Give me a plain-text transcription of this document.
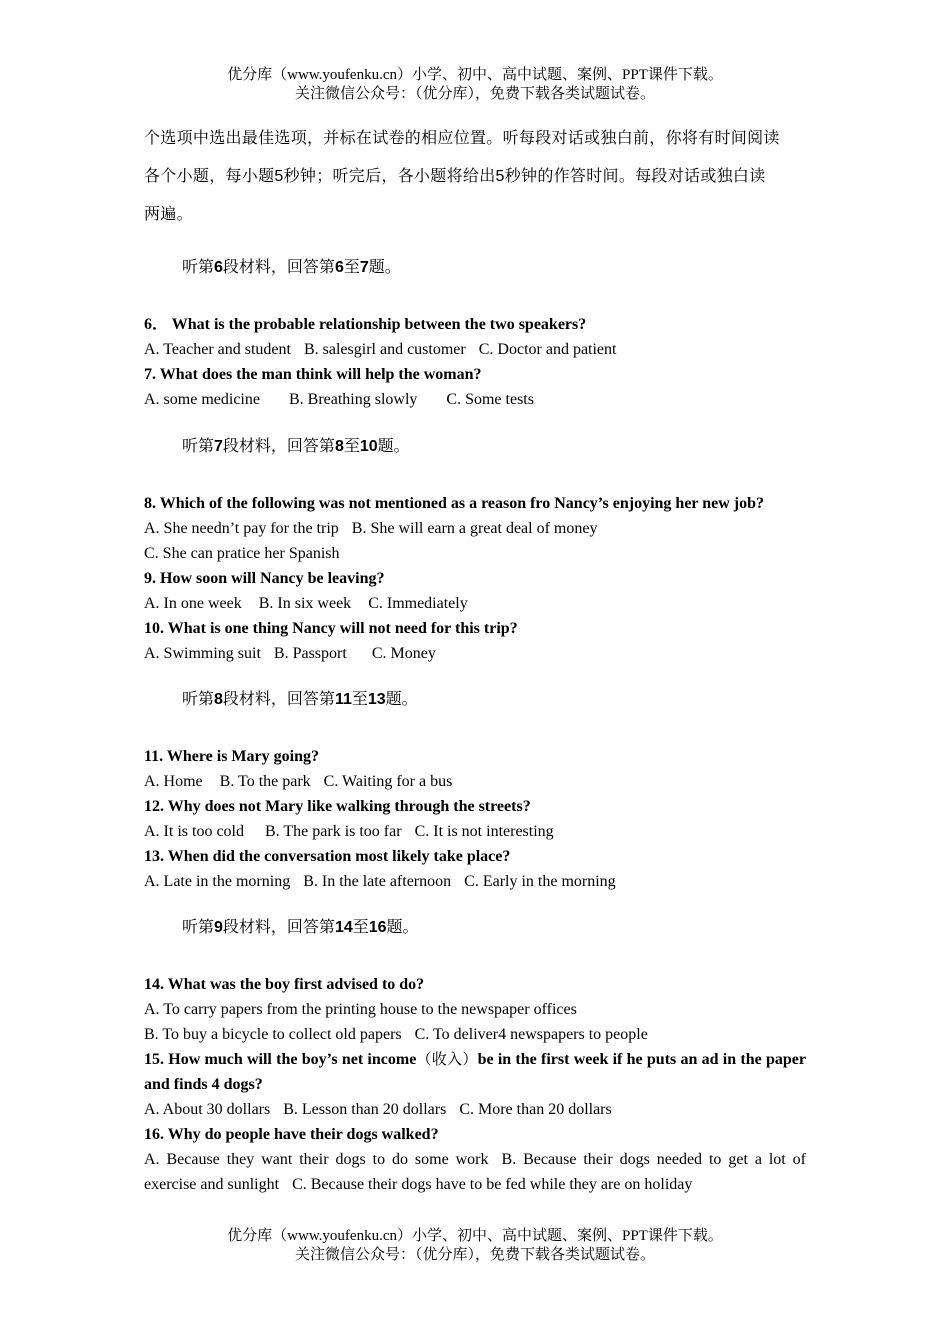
优分库（www.youfenku.cn）小学、初中、高中试题、案例、PPT课件下载。
关注微信公众号：（优分库），免费下载各类试题试卷。
个选项中选出最佳选项，并标在试卷的相应位置。听每段对话或独白前，你将有时间阅读
各个小题，每小题5秒钟；听完后，各小题将给出5秒钟的作答时间。每段对话或独白读
两遍。
听第6段材料，回答第6至7题。
6． What is the probable relationship between the two speakers?
A. Teacher and student B. salesgirl and customer C. Doctor and patient
7. What does the man think will help the woman?
A. some medicine B. Breathing slowly C. Some tests
听第7段材料，回答第8至10题。
8. Which of the following was not mentioned as a reason fro Nancy’s enjoying her new job?
A. She needn’t pay for the trip B. She will earn a great deal of money
C. She can pratice her Spanish
9. How soon will Nancy be leaving?
A. In one week B. In six week C. Immediately
10. What is one thing Nancy will not need for this trip?
A. Swimming suit B. Passport C. Money
听第8段材料，回答第11至13题。
11. Where is Mary going?
A. Home B. To the park C. Waiting for a bus
12. Why does not Mary like walking through the streets?
A. It is too cold B. The park is too far C. It is not interesting
13. When did the conversation most likely take place?
A. Late in the morning B. In the late afternoon C. Early in the morning
听第9段材料，回答第14至16题。
14. What was the boy first advised to do?
A. To carry papers from the printing house to the newspaper offices
B. To buy a bicycle to collect old papers C. To deliver4 newspapers to people
15. How much will the boy’s net income（收入）be in the first week if he puts an ad in the paper and finds 4 dogs?
A. About 30 dollars B. Lesson than 20 dollars C. More than 20 dollars
16. Why do people have their dogs walked?
A. Because they want their dogs to do some work B. Because their dogs needed to get a lot of exercise and sunlight C. Because their dogs have to be fed while they are on holiday
优分库（www.youfenku.cn）小学、初中、高中试题、案例、PPT课件下载。
关注微信公众号：（优分库），免费下载各类试题试卷。
